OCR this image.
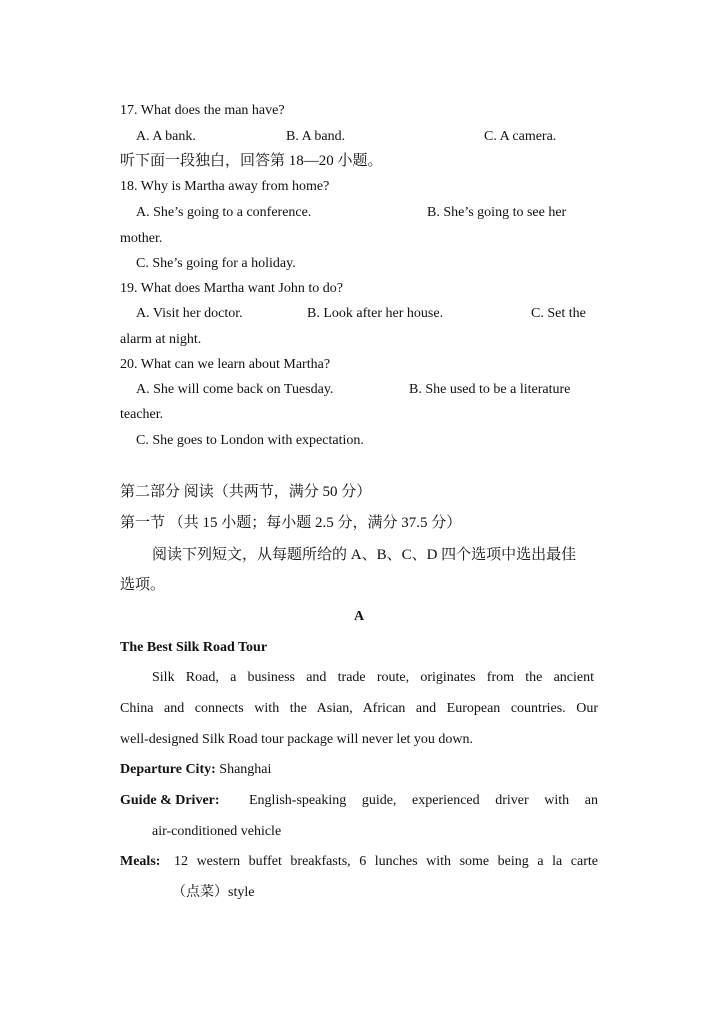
17. What does the man have?
A. A bank.	B. A band.	C. A camera.
听下面一段独白，回答第 18—20 小题。
18. Why is Martha away from home?
A. She’s going to a conference.	B. She’s going to see her
mother.
C. She’s going for a holiday.
19. What does Martha want John to do?
A. Visit her doctor.	B. Look after her house.	C. Set the
alarm at night.
20. What can we learn about Martha?
A. She will come back on Tuesday.	B. She used to be a literature
teacher.
C. She goes to London with expectation.
第二部分 阅读（共两节，满分 50 分）
第一节 （共 15 小题；每小题 2.5 分，满分 37.5 分）
阅读下列短文，从每题所给的 A、B、C、D 四个选项中选出最佳
选项。
A
The Best Silk Road Tour
Silk Road, a business and trade route, originates from the ancient
China and connects with the Asian, African and European countries. Our
well-designed Silk Road tour package will never let you down.
Departure City: Shanghai
Guide & Driver: English-speaking guide, experienced driver with an
air-conditioned vehicle
Meals: 12 western buffet breakfasts, 6 lunches with some being a la carte
（点菜）style
